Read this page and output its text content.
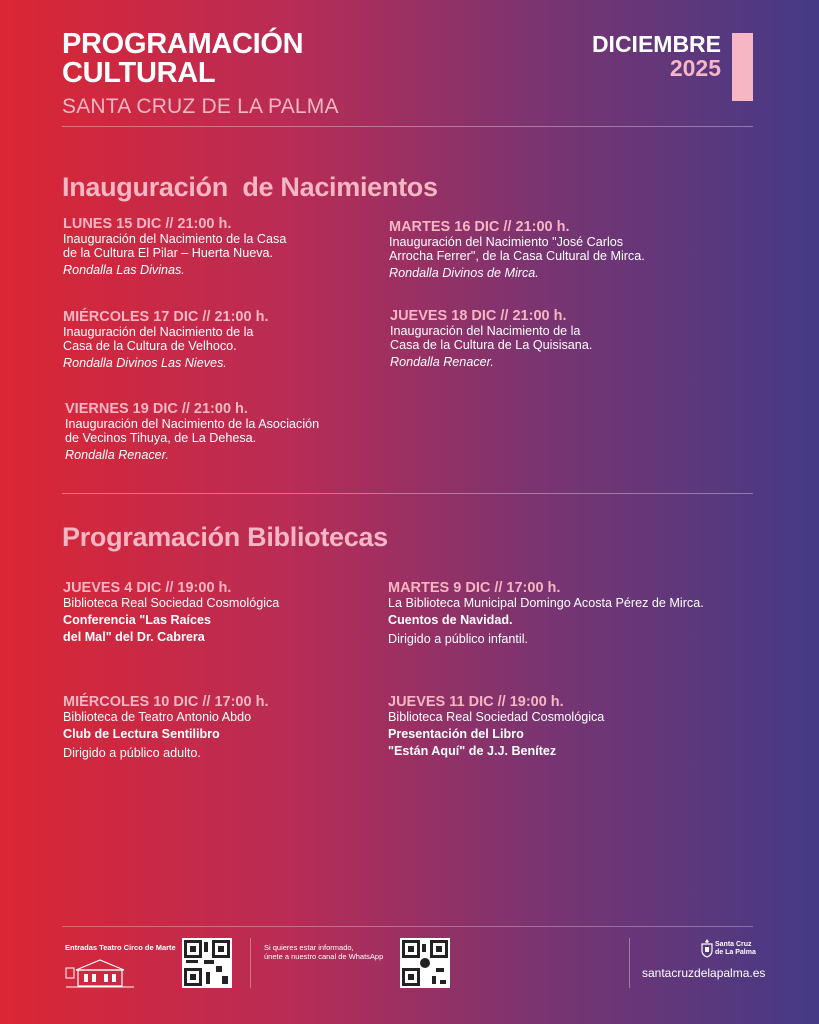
PROGRAMACIÓN
CULTURAL
SANTA CRUZ DE LA PALMA
DICIEMBRE
2025
Inauguración  de Nacimientos
LUNES 15 DIC // 21:00 h.
Inauguración del Nacimiento de la Casa
de la Cultura El Pilar – Huerta Nueva.
Rondalla Las Divinas.
MARTES 16 DIC // 21:00 h.
Inauguración del Nacimiento "José Carlos
Arrocha Ferrer", de la Casa Cultural de Mirca.
Rondalla Divinos de Mirca.
MIÉRCOLES 17 DIC // 21:00 h.
Inauguración del Nacimiento de la
Casa de la Cultura de Velhoco.
Rondalla Divinos Las Nieves.
JUEVES 18 DIC // 21:00 h.
Inauguración del Nacimiento de la
Casa de la Cultura de La Quisisana.
Rondalla Renacer.
VIERNES 19 DIC // 21:00 h.
Inauguración del Nacimiento de la Asociación
de Vecinos Tihuya, de La Dehesa.
Rondalla Renacer.
Programación Bibliotecas
JUEVES 4 DIC // 19:00 h.
Biblioteca Real Sociedad Cosmológica
Conferencia "Las Raíces
del Mal" del Dr. Cabrera
MARTES 9 DIC // 17:00 h.
La Biblioteca Municipal Domingo Acosta Pérez de Mirca.
Cuentos de Navidad.
Dirigido a público infantil.
MIÉRCOLES 10 DIC // 17:00 h.
Biblioteca de Teatro Antonio Abdo
Club de Lectura Sentilibro
Dirigido a público adulto.
JUEVES 11 DIC // 19:00 h.
Biblioteca Real Sociedad Cosmológica
Presentación del Libro
"Están Aquí" de J.J. Benítez
Entradas Teatro Circo de Marte	Si quieres estar informado,
únete a nuestro canal de WhatsApp
Santa Cruz
de La Palma
santacruzdelapalma.es
